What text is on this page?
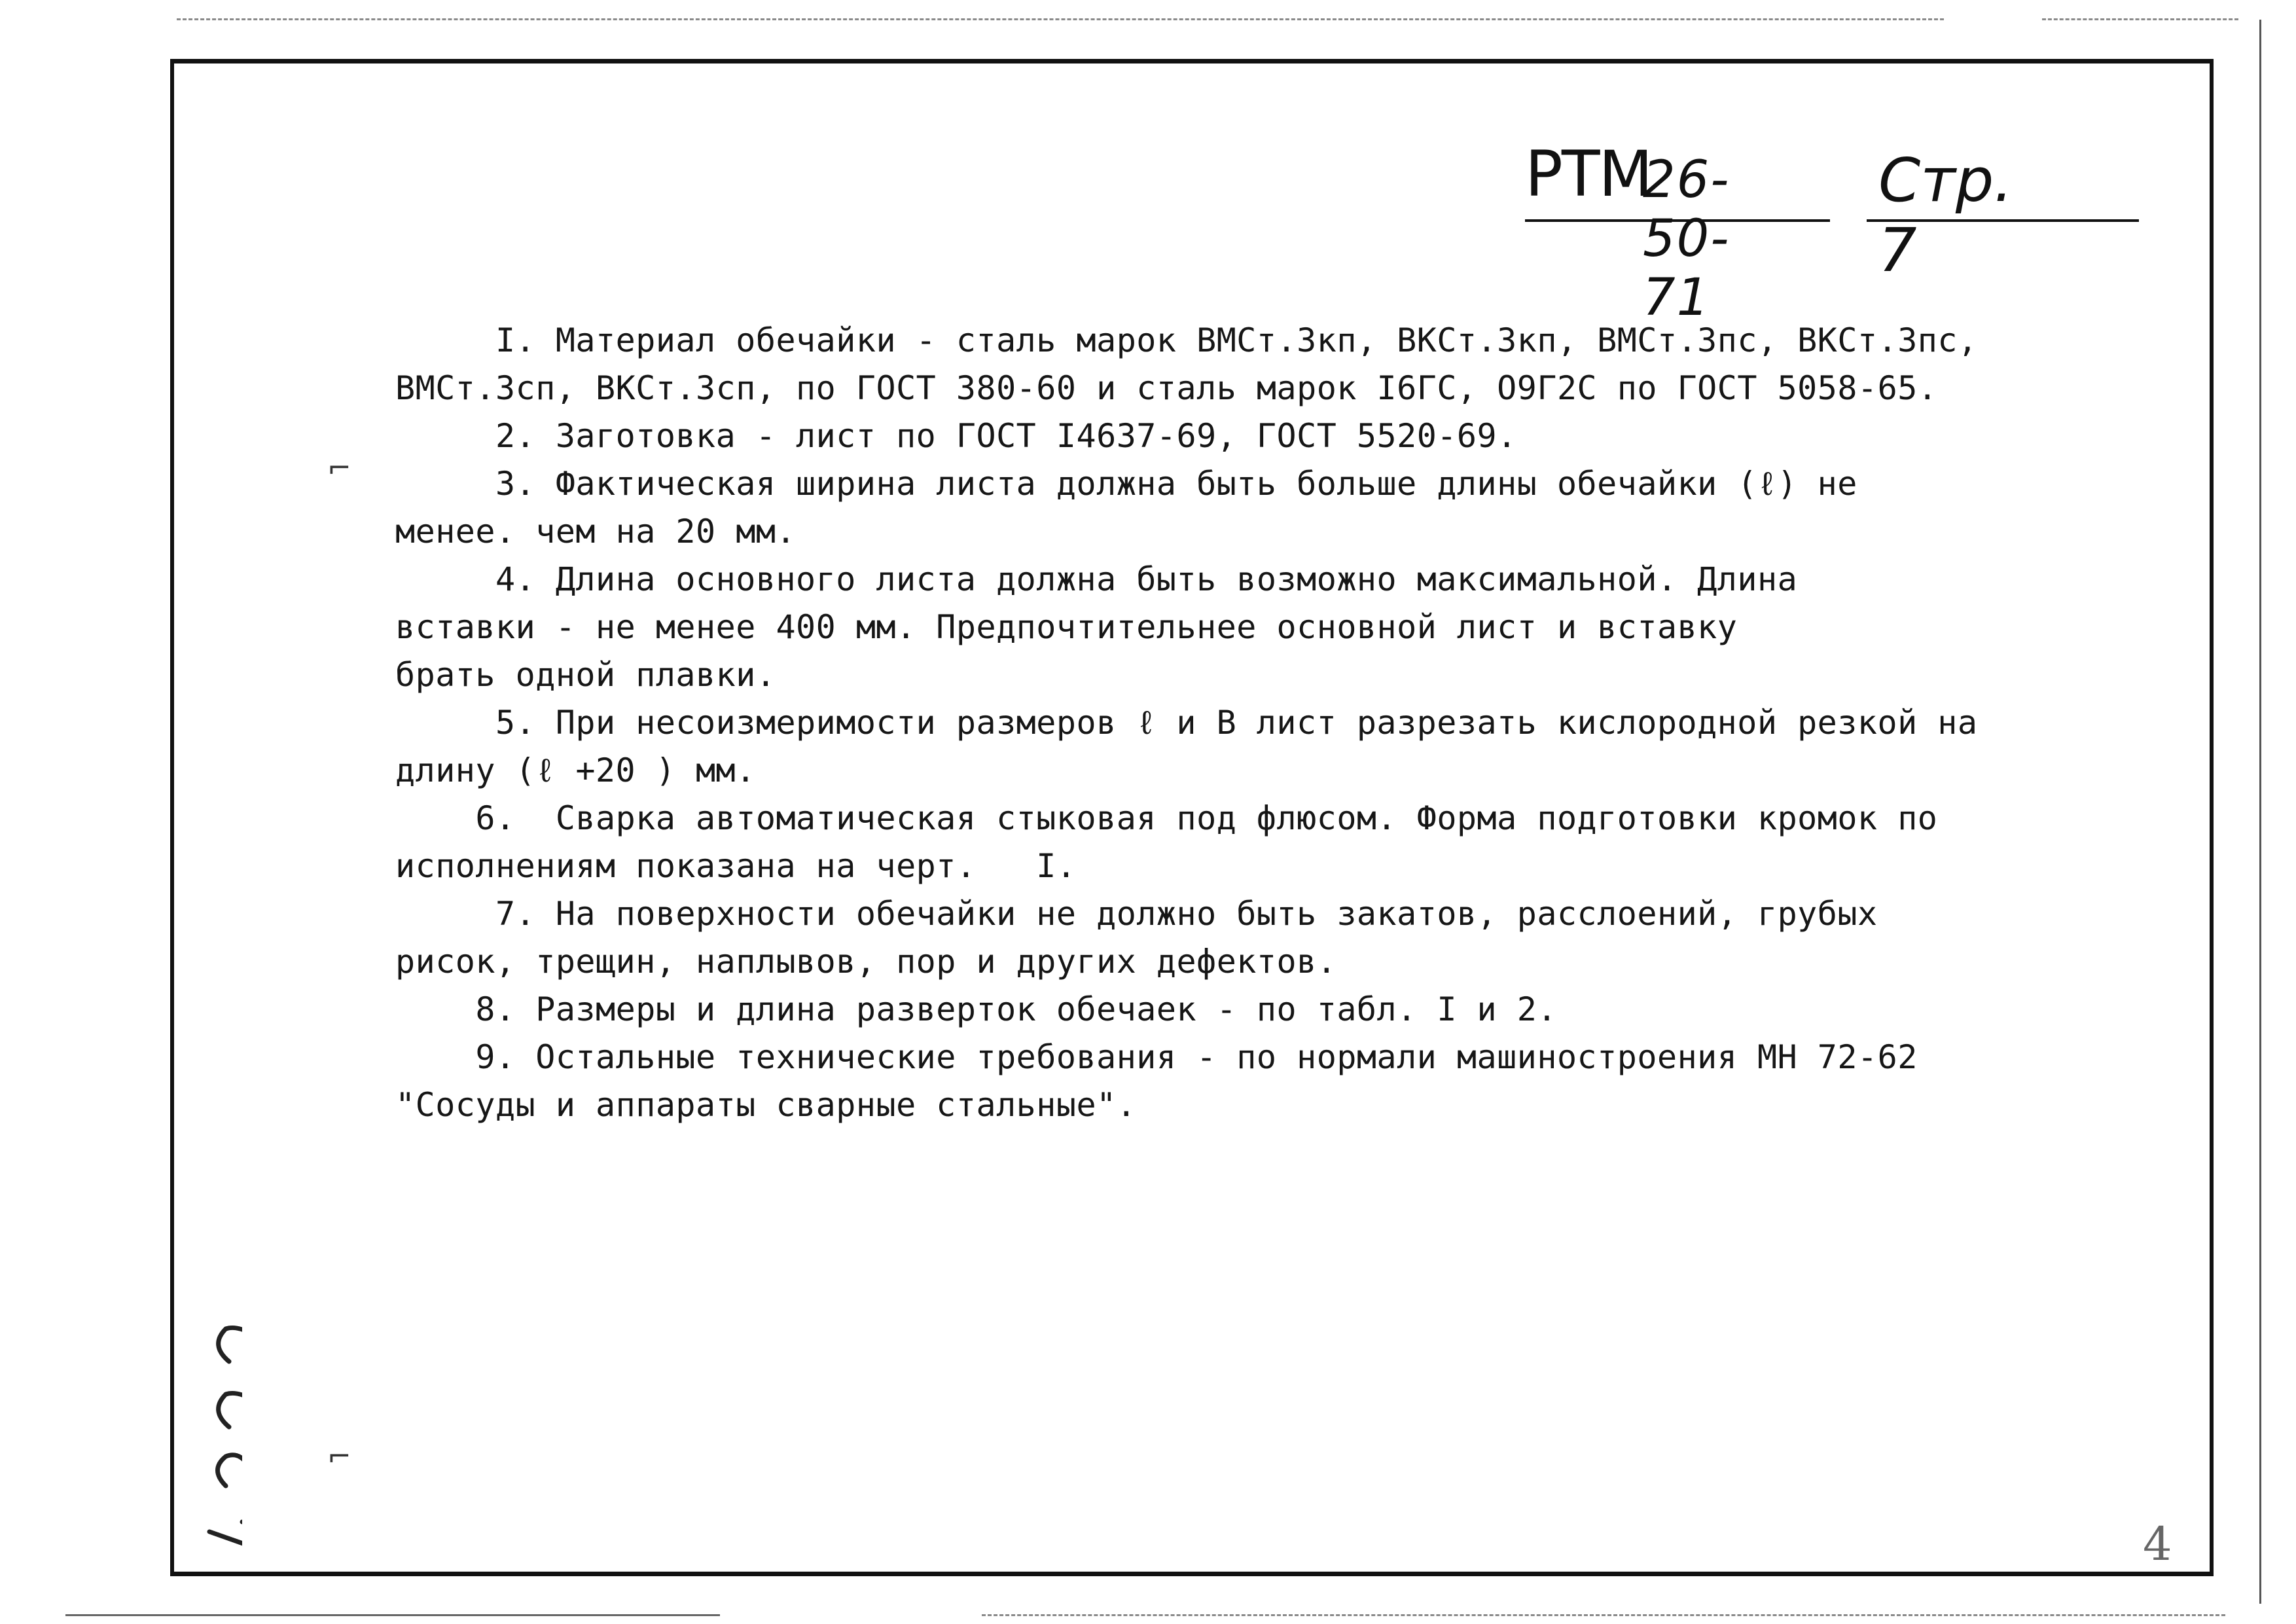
РТМ
26-50-71
Стр. 7
⌐
⌐
I. Материал обечайки - сталь марок ВМСт.3кп, ВКСт.3кп, ВМСт.3пс, ВКСт.3пс,
ВМСт.3сп, ВКСт.3сп, по ГОСТ 380-60 и сталь марок I6ГС, О9Г2С по ГОСТ 5058-65.
2. Заготовка - лист по ГОСТ I4637-69, ГОСТ 5520-69.
3. Фактическая ширина листа должна быть больше длины обечайки (ℓ) не
менее. чем на 20 мм.
4. Длина основного листа должна быть возможно максимальной. Длина
вставки - не менее 400 мм. Предпочтительнее основной лист и вставку
брать одной плавки.
5. При несоизмеримости размеров ℓ и В лист разрезать кислородной резкой на
длину (ℓ +20 ) мм.
6.  Сварка автоматическая стыковая под флюсом. Форма подготовки кромок по
исполнениям показана на черт.   I.
7. На поверхности обечайки не должно быть закатов, расслоений, грубых
рисок, трещин, наплывов, пор и других дефектов.
8. Размеры и длина разверток обечаек - по табл. I и 2.
9. Остальные технические требования - по нормали машиностроения МН 72-62
"Сосуды и аппараты сварные стальные".
4
